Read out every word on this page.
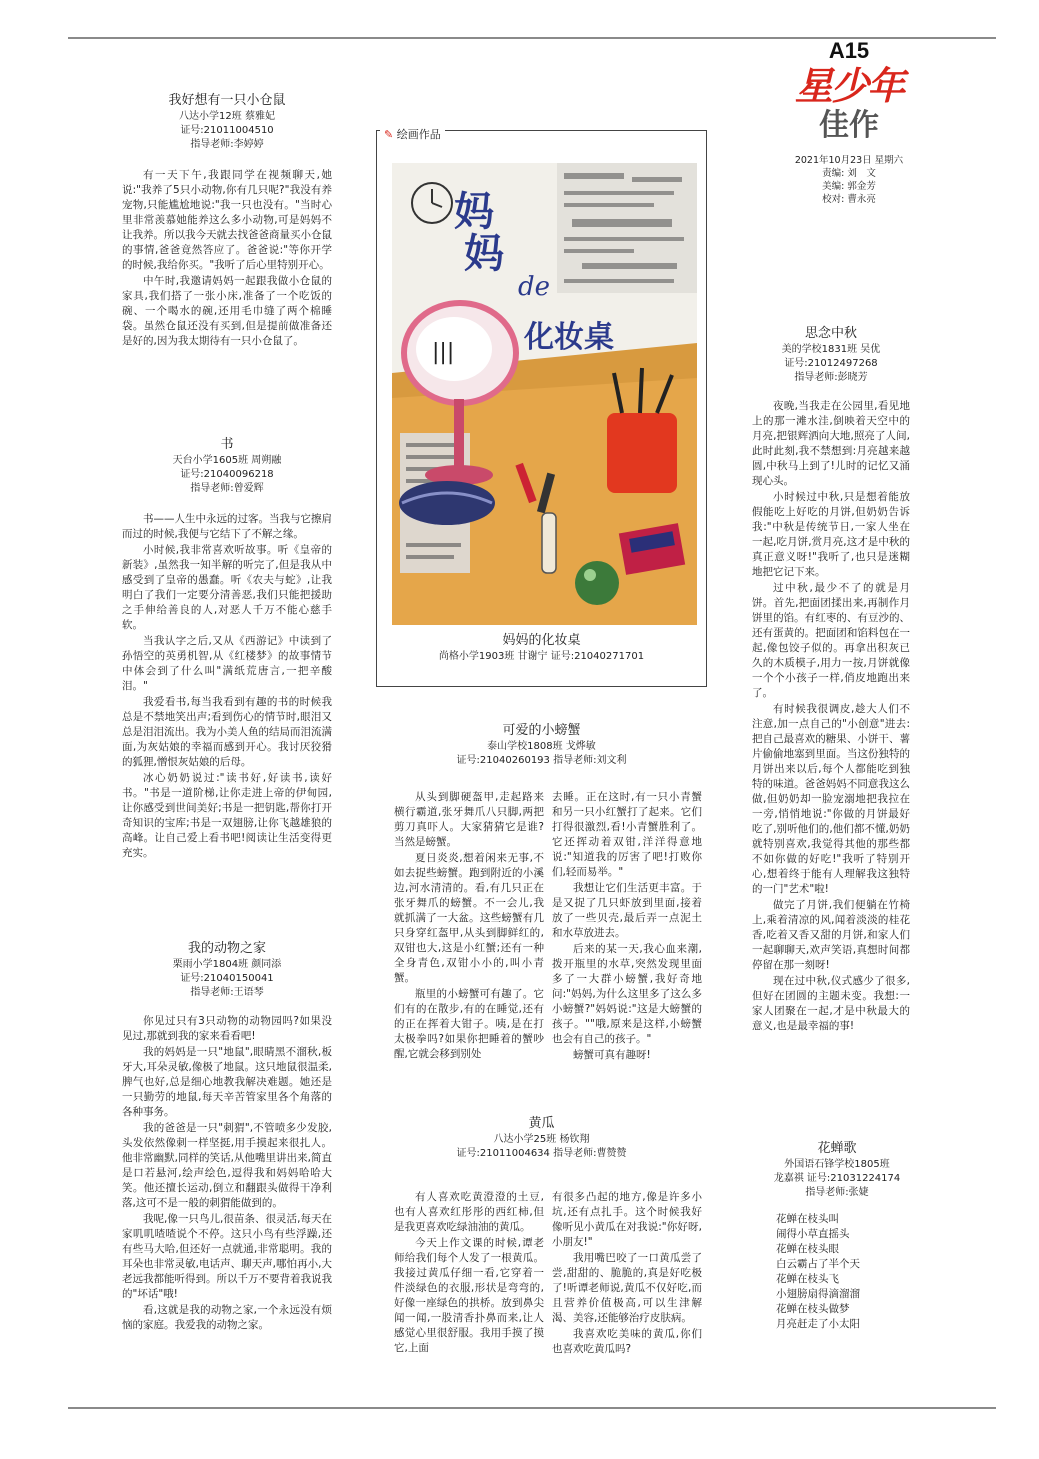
A15
星少年
佳作

2021年10月23日 星期六

责编: 刘　文

美编: 郭金芳

校对: 曹永亮

我好想有一只小仓鼠

八达小学12班 蔡雅妃

证号:21011004510

指导老师:李婷婷

有一天下午,我跟同学在视频聊天,她说:"我养了5只小动物,你有几只呢?"我没有养宠物,只能尴尬地说:"我一只也没有。"当时心里非常羡慕她能养这么多小动物,可是妈妈不让我养。所以我今天就去找爸爸商量买小仓鼠的事情,爸爸竟然答应了。爸爸说:"等你开学的时候,我给你买。"我听了后心里特别开心。

中午时,我邀请妈妈一起跟我做小仓鼠的家具,我们搭了一张小床,准备了一个吃饭的碗、一个喝水的碗,还用毛巾缝了两个棉睡袋。虽然仓鼠还没有买到,但是提前做准备还是好的,因为我太期待有一只小仓鼠了。

书

天台小学1605班 周朔融

证号:21040096218

指导老师:曾爱辉

书——人生中永远的过客。当我与它擦肩而过的时候,我便与它结下了不解之缘。

小时候,我非常喜欢听故事。听《皇帝的新装》,虽然我一知半解的听完了,但是我从中感受到了皇帝的愚蠢。听《农夫与蛇》,让我明白了我们一定要分清善恶,我们只能把援助之手伸给善良的人,对恶人千万不能心慈手软。

当我认字之后,又从《西游记》中读到了孙悟空的英勇机智,从《红楼梦》的故事情节中体会到了什么叫"满纸荒唐言,一把辛酸泪。"

我爱看书,每当我看到有趣的书的时候我总是不禁地笑出声;看到伤心的情节时,眼泪又总是泪泪流出。我为小美人鱼的结局而泪流满面,为灰姑娘的幸福而感到开心。我讨厌狡猾的狐狸,憎恨灰姑娘的后母。

冰心奶奶说过:"读书好,好读书,读好书。"书是一道阶梯,让你走进上帝的伊甸园,让你感受到世间美好;书是一把钥匙,帮你打开奇知识的宝库;书是一双翅膀,让你飞越雄狼的高峰。让自己爱上看书吧!阅读让生活变得更充实。

我的动物之家

栗雨小学1804班 颜同添

证号:21040150041

指导老师:王语琴

你见过只有3只动物的动物园吗?如果没见过,那就到我的家来看看吧!

我的妈妈是一只"地鼠",眼睛黑不溜秋,板牙大,耳朵灵敏,像极了地鼠。这只地鼠很温柔,脾气也好,总是细心地教我解决难题。她还是一只勤劳的地鼠,每天辛苦管家里各个角落的各种事务。

我的爸爸是一只"刺猬",不管喷多少发胶,头发依然像刺一样坚挺,用手摸起来很扎人。他非常幽默,同样的笑话,从他嘴里讲出来,简直是口若悬河,绘声绘色,逗得我和妈妈哈哈大笑。他还擅长运动,倒立和翻跟头做得干净利落,这可不是一般的刺猬能做到的。

我呢,像一只鸟儿,很苗条、很灵活,每天在家叽叽喳喳说个不停。这只小鸟有些浮躁,还有些马大哈,但还好一点就通,非常聪明。我的耳朵也非常灵敏,电话声、聊天声,哪怕再小,大老远我都能听得到。所以千万不要背着我说我的"坏话"哦!

看,这就是我的动物之家,一个永远没有烦恼的家庭。我爱我的动物之家。

✎ 绘画作品
|||
妈
妈
de
化妆桌

妈妈的化妆桌

尚格小学1903班 甘谢宁 证号:21040271701

可爱的小螃蟹

泰山学校1808班 戈烨敏

证号:21040260193 指导老师:刘文利

从头到脚硬盔甲,走起路来横行霸道,张牙舞爪八只脚,两把剪刀真吓人。大家猜猜它是谁?当然是螃蟹。

夏日炎炎,想着闲来无事,不如去捉些螃蟹。跑到附近的小溪边,河水清清的。看,有几只正在张牙舞爪的螃蟹。不一会儿,我就抓满了一大盆。这些螃蟹有几只身穿红盔甲,从头到脚鲜红的,双钳也大,这是小红蟹;还有一种全身青色,双钳小小的,叫小青蟹。

瓶里的小螃蟹可有趣了。它们有的在散步,有的在睡觉,还有的正在挥着大钳子。咦,是在打太极拳吗?如果你把睡着的蟹吵醒,它就会移到别处

去睡。正在这时,有一只小青蟹和另一只小红蟹打了起来。它们打得很激烈,看!小青蟹胜利了。它还挥动着双钳,洋洋得意地说:"知道我的厉害了吧!打败你们,轻而易举。"

我想让它们生活更丰富。于是又捉了几只虾放到里面,接着放了一些贝壳,最后弄一点泥土和水草放进去。

后来的某一天,我心血来潮,拨开瓶里的水草,突然发现里面多了一大群小螃蟹,我好奇地问:"妈妈,为什么这里多了这么多小螃蟹?"妈妈说:"这是大螃蟹的孩子。""哦,原来是这样,小螃蟹也会有自己的孩子。"

螃蟹可真有趣呀!

黄瓜

八达小学25班 杨钦翔

证号:21011004634 指导老师:曹赞赞

有人喜欢吃黄澄澄的土豆,也有人喜欢红彤彤的西红柿,但是我更喜欢吃绿油油的黄瓜。

今天上作文课的时候,谭老师给我们每个人发了一根黄瓜。我接过黄瓜仔细一看,它穿着一件淡绿色的衣服,形状是弯弯的,好像一座绿色的拱桥。放到鼻尖闻一闻,一股清香扑鼻而来,让人感觉心里很舒服。我用手摸了摸它,上面

有很多凸起的地方,像是许多小坑,还有点扎手。这个时候我好像听见小黄瓜在对我说:"你好呀,小朋友!"

我用嘴巴咬了一口黄瓜尝了尝,甜甜的、脆脆的,真是好吃极了!听谭老师说,黄瓜不仅好吃,而且营养价值极高,可以生津解渴、美容,还能够治疗皮肤病。

我喜欢吃美味的黄瓜,你们也喜欢吃黄瓜吗?

思念中秋

美的学校1831班 吴优

证号:21012497268

指导老师:彭晓芳

夜晚,当我走在公园里,看见地上的那一滩水洼,倒映着天空中的月亮,把银辉洒向大地,照亮了人间,此时此刻,我不禁想到:月亮越来越圆,中秋马上到了!儿时的记忆又涌现心头。

小时候过中秋,只是想着能放假能吃上好吃的月饼,但奶奶告诉我:"中秋是传统节日,一家人坐在一起,吃月饼,赏月亮,这才是中秋的真正意义呀!"我听了,也只是迷糊地把它记下来。

过中秋,最少不了的就是月饼。首先,把面团揉出来,再制作月饼里的馅。有红枣的、有豆沙的、还有蛋黄的。把面团和馅料包在一起,像包饺子似的。再拿出积灰已久的木质模子,用力一按,月饼就像一个个小孩子一样,俏皮地跑出来了。

有时候我很调皮,趁大人们不注意,加一点自己的"小创意"进去:把自己最喜欢的糖果、小饼干、薯片偷偷地塞到里面。当这份独特的月饼出来以后,每个人都能吃到独特的味道。爸爸妈妈不同意我这么做,但奶奶却一脸宠溺地把我拉在一旁,悄悄地说:"你做的月饼最好吃了,别听他们的,他们都不懂,奶奶就特别喜欢,我觉得其他的那些都不如你做的好吃!"我听了特别开心,想着终于能有人理解我这独特的一门"艺术"啦!

做完了月饼,我们便躺在竹椅上,乘着清凉的风,闻着淡淡的桂花香,吃着又香又甜的月饼,和家人们一起聊聊天,欢声笑语,真想时间都停留在那一刻呀!

现在过中秋,仪式感少了很多,但好在团圆的主题未变。我想:一家人团聚在一起,才是中秋最大的意义,也是最幸福的事!

花蝉歌

外国语石锋学校1805班

龙嘉祺 证号:21031224174

指导老师:张婕

花蝉在枝头叫

闹得小草直摇头

花蝉在枝头眼

白云霸占了半个天

花蝉在枝头飞

小翅膀扇得滴溜溜

花蝉在枝头做梦

月亮赶走了小太阳
